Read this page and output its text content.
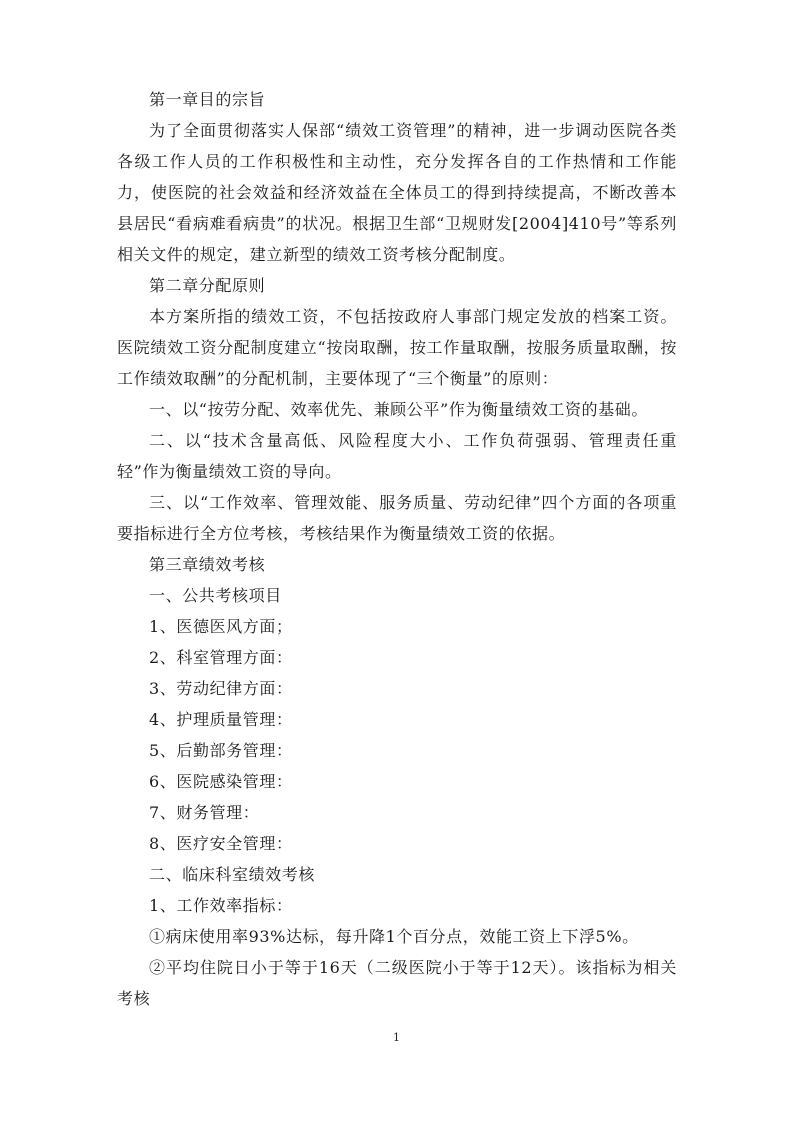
第一章目的宗旨

为了全面贯彻落实人保部“绩效工资管理”的精神，进一步调动医院各类各级工作人员的工作积极性和主动性，充分发挥各自的工作热情和工作能力，使医院的社会效益和经济效益在全体员工的得到持续提高，不断改善本县居民“看病难看病贵”的状况。根据卫生部“卫规财发[2004]410号”等系列相关文件的规定，建立新型的绩效工资考核分配制度。

第二章分配原则

本方案所指的绩效工资，不包括按政府人事部门规定发放的档案工资。医院绩效工资分配制度建立“按岗取酬，按工作量取酬，按服务质量取酬，按工作绩效取酬”的分配机制，主要体现了“三个衡量”的原则：

一、以“按劳分配、效率优先、兼顾公平”作为衡量绩效工资的基础。

二、以“技术含量高低、风险程度大小、工作负荷强弱、管理责任重轻”作为衡量绩效工资的导向。

三、以“工作效率、管理效能、服务质量、劳动纪律”四个方面的各项重要指标进行全方位考核，考核结果作为衡量绩效工资的依据。

第三章绩效考核

一、公共考核项目

1、医德医风方面；

2、科室管理方面：

3、劳动纪律方面：

4、护理质量管理：

5、后勤部务管理：

6、医院感染管理：

7、财务管理：

8、医疗安全管理：

二、临床科室绩效考核

1、工作效率指标：

①病床使用率93%达标，每升降1个百分点，效能工资上下浮5%。

②平均住院日小于等于16天（二级医院小于等于12天）。该指标为相关考核

1
